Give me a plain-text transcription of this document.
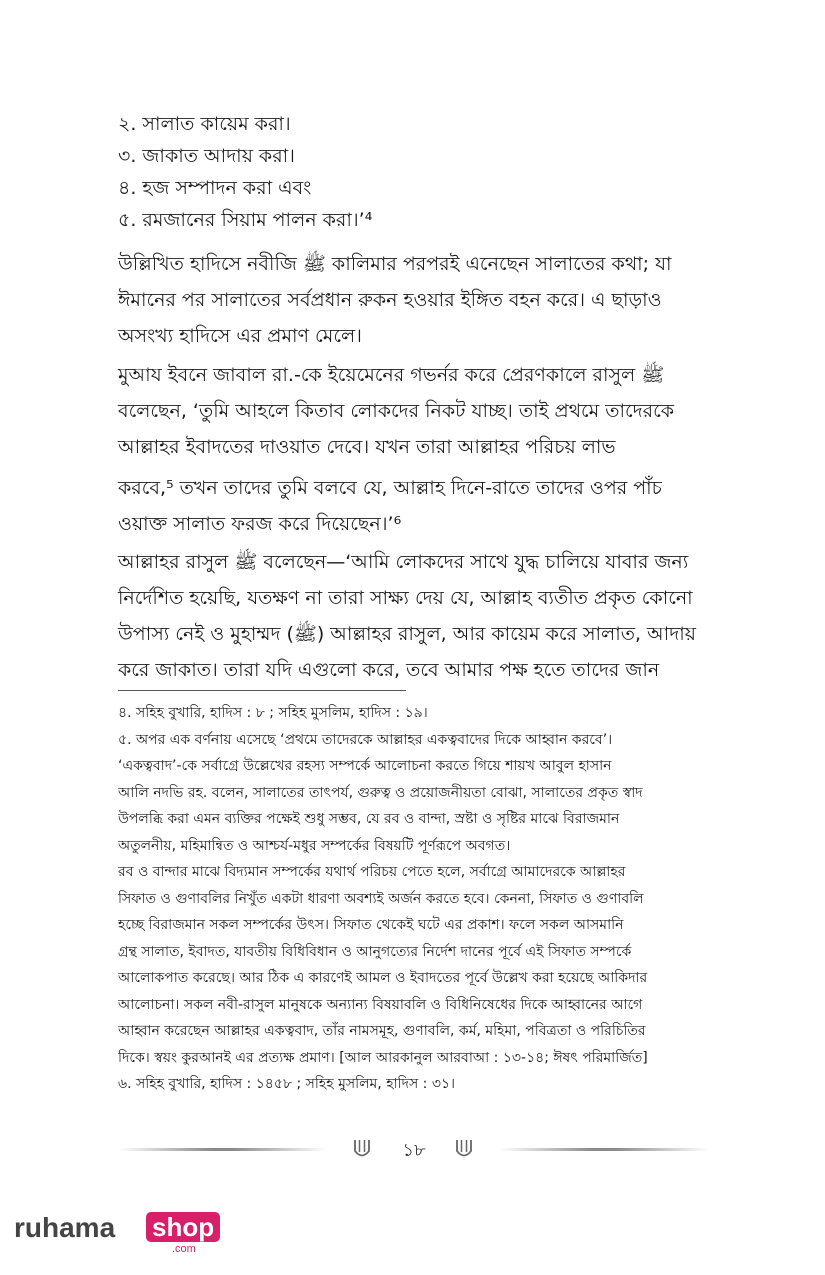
২. সালাত কায়েম করা।
৩. জাকাত আদায় করা।
৪. হজ সম্পাদন করা এবং
৫. রমজানের সিয়াম পালন করা।’⁴
উল্লিখিত হাদিসে নবীজি ﷺ কালিমার পরপরই এনেছেন সালাতের কথা; যা
ঈমানের পর সালাতের সর্বপ্রধান রুকন হওয়ার ইঙ্গিত বহন করে। এ ছাড়াও
অসংখ্য হাদিসে এর প্রমাণ মেলে।
মুআয ইবনে জাবাল রা.-কে ইয়েমেনের গভর্নর করে প্রেরণকালে রাসুল ﷺ
বলেছেন, ‘তুমি আহলে কিতাব লোকদের নিকট যাচ্ছ। তাই প্রথমে তাদেরকে
আল্লাহর ইবাদতের দাওয়াত দেবে। যখন তারা আল্লাহর পরিচয় লাভ
করবে,⁵ তখন তাদের তুমি বলবে যে, আল্লাহ দিনে-রাতে তাদের ওপর পাঁচ
ওয়াক্ত সালাত ফরজ করে দিয়েছেন।’⁶
আল্লাহর রাসুল ﷺ বলেছেন—‘আমি লোকদের সাথে যুদ্ধ চালিয়ে যাবার জন্য
নির্দেশিত হয়েছি, যতক্ষণ না তারা সাক্ষ্য দেয় যে, আল্লাহ ব্যতীত প্রকৃত কোনো
উপাস্য নেই ও মুহাম্মদ (ﷺ) আল্লাহর রাসুল, আর কায়েম করে সালাত, আদায়
করে জাকাত। তারা যদি এগুলো করে, তবে আমার পক্ষ হতে তাদের জান
৪. সহিহ বুখারি, হাদিস : ৮ ; সহিহ মুসলিম, হাদিস : ১৯।
৫. অপর এক বর্ণনায় এসেছে ‘প্রথমে তাদেরকে আল্লাহর একত্ববাদের দিকে আহ্বান করবে’।
‘একত্ববাদ’-কে সর্বাগ্রে উল্লেখের রহস্য সম্পর্কে আলোচনা করতে গিয়ে শায়খ আবুল হাসান
আলি নদভি রহ. বলেন, সালাতের তাৎপর্য, গুরুত্ব ও প্রয়োজনীয়তা বোঝা, সালাতের প্রকৃত স্বাদ
উপলব্ধি করা এমন ব্যক্তির পক্ষেই শুধু সম্ভব, যে রব ও বান্দা, স্রষ্টা ও সৃষ্টির মাঝে বিরাজমান
অতুলনীয়, মহিমান্বিত ও আশ্চর্য-মধুর সম্পর্কের বিষয়টি পূর্ণরূপে অবগত।
রব ও বান্দার মাঝে বিদ্যমান সম্পর্কের যথার্থ পরিচয় পেতে হলে, সর্বাগ্রে আমাদেরকে আল্লাহর
সিফাত ও গুণাবলির নিখুঁত একটা ধারণা অবশ্যই অর্জন করতে হবে। কেননা, সিফাত ও গুণাবলি
হচ্ছে বিরাজমান সকল সম্পর্কের উৎস। সিফাত থেকেই ঘটে এর প্রকাশ। ফলে সকল আসমানি
গ্রন্থ সালাত, ইবাদত, যাবতীয় বিধিবিধান ও আনুগত্যের নির্দেশ দানের পূর্বে এই সিফাত সম্পর্কে
আলোকপাত করেছে। আর ঠিক এ কারণেই আমল ও ইবাদতের পূর্বে উল্লেখ করা হয়েছে আকিদার
আলোচনা। সকল নবী-রাসুল মানুষকে অন্যান্য বিষয়াবলি ও বিধিনিষেধের দিকে আহ্বানের আগে
আহ্বান করেছেন আল্লাহর একত্ববাদ, তাঁর নামসমূহ, গুণাবলি, কর্ম, মহিমা, পবিত্রতা ও পরিচিতির
দিকে। স্বয়ং কুরআনই এর প্রত্যক্ষ প্রমাণ। [আল আরকানুল আরবাআ : ১৩-১৪; ঈষৎ পরিমার্জিত]
৬. সহিহ বুখারি, হাদিস : ১৪৫৮ ; সহিহ মুসলিম, হাদিস : ৩১।
১৮
ruhama shop
.com
